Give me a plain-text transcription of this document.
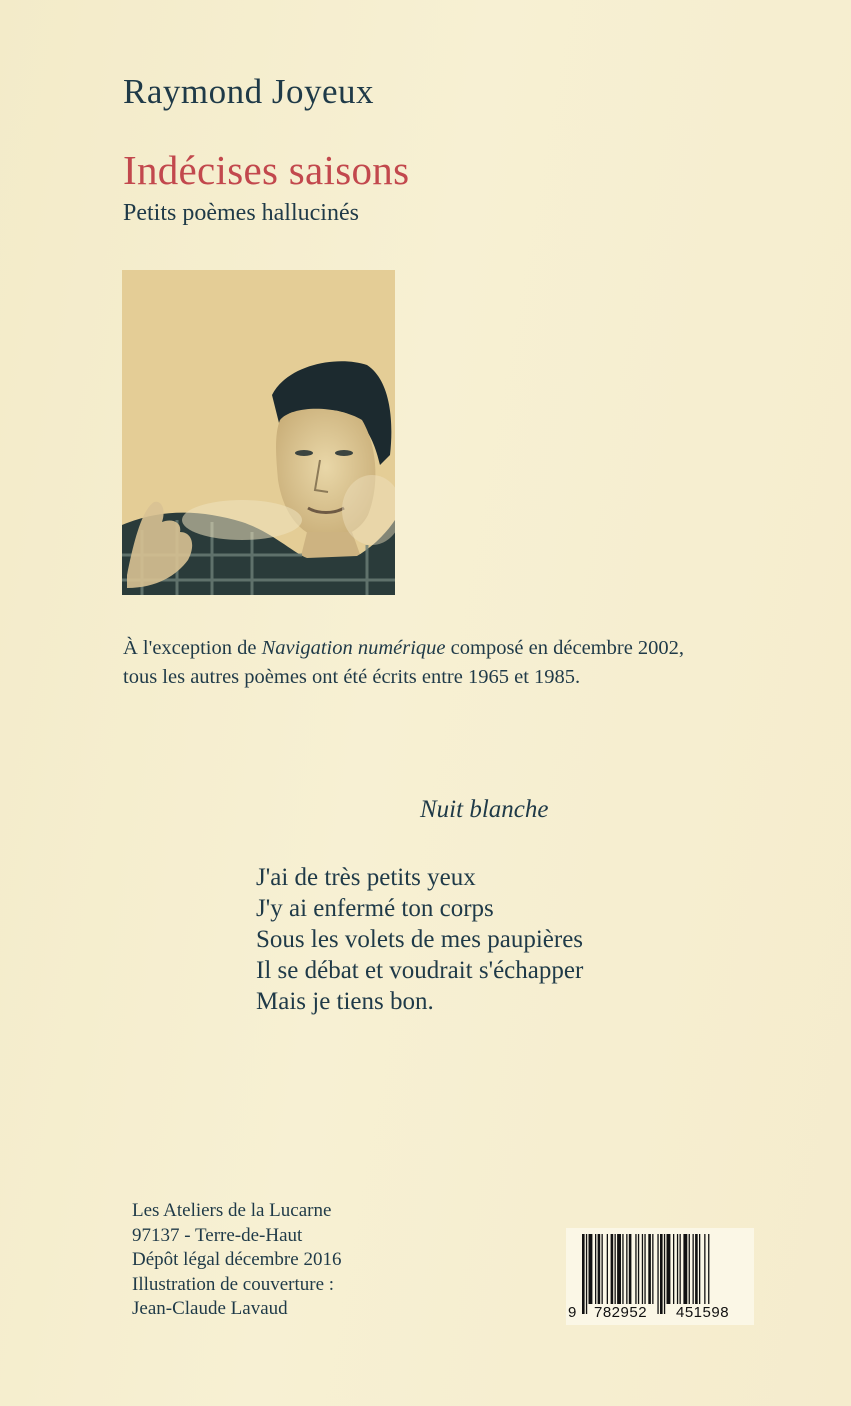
Raymond Joyeux
Indécises saisons
Petits poèmes hallucinés
À l'exception de Navigation numérique composé en décembre 2002, tous les autres poèmes ont été écrits entre 1965 et 1985.
Nuit blanche
J'ai de très petits yeux
J'y ai enfermé ton corps
Sous les volets de mes paupières
Il se débat et voudrait s'échapper
Mais je tiens bon.
Les Ateliers de la Lucarne
97137 - Terre-de-Haut
Dépôt légal décembre 2016
Illustration de couverture :
Jean-Claude Lavaud	9 782952 451598
